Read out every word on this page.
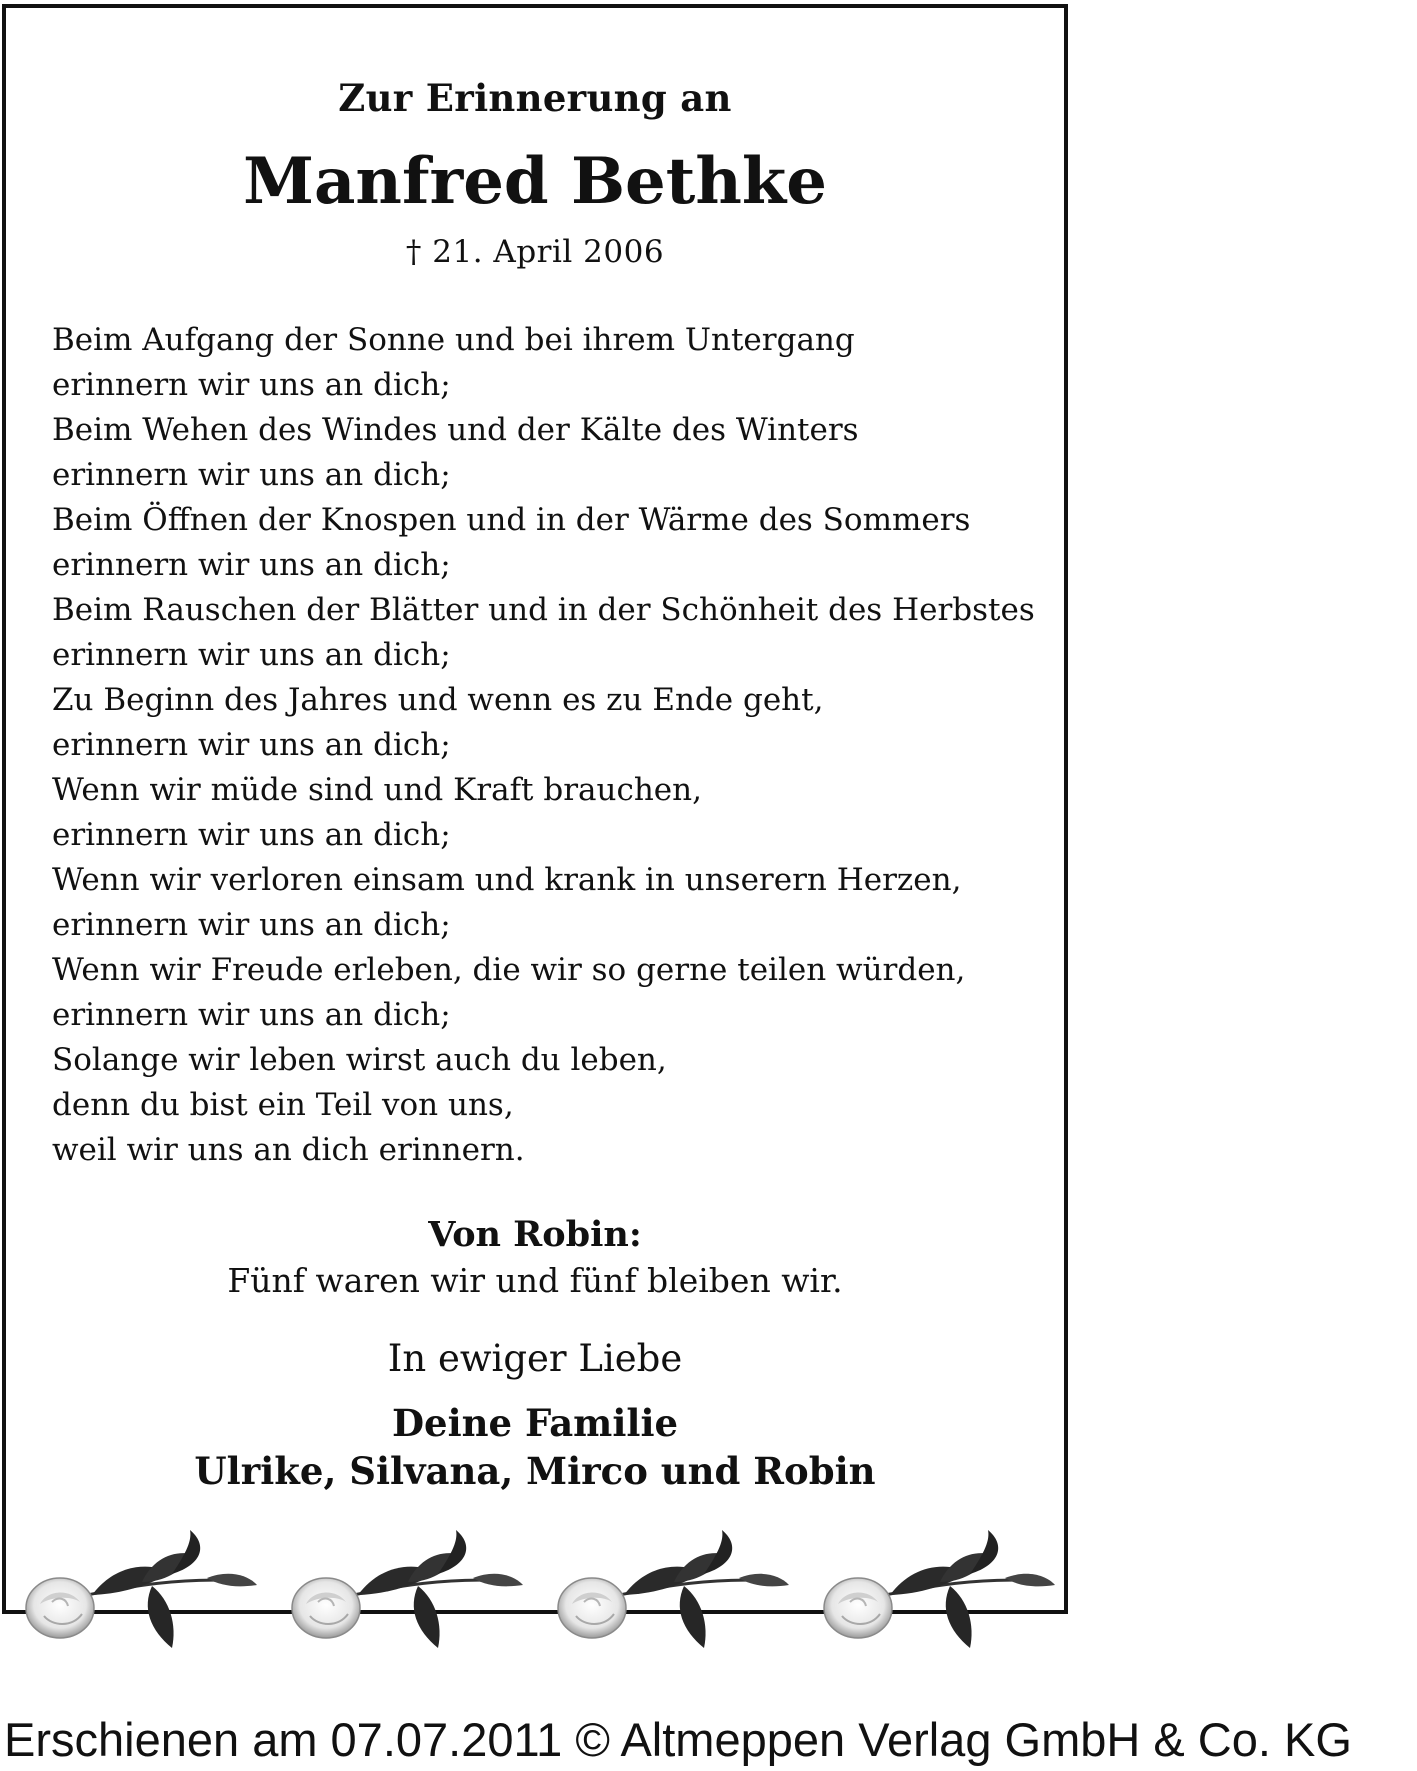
Zur Erinnerung an
Manfred Bethke
† 21. April 2006
Beim Aufgang der Sonne und bei ihrem Untergang
erinnern wir uns an dich;
Beim Wehen des Windes und der Kälte des Winters
erinnern wir uns an dich;
Beim Öffnen der Knospen und in der Wärme des Sommers
erinnern wir uns an dich;
Beim Rauschen der Blätter und in der Schönheit des Herbstes
erinnern wir uns an dich;
Zu Beginn des Jahres und wenn es zu Ende geht,
erinnern wir uns an dich;
Wenn wir müde sind und Kraft brauchen,
erinnern wir uns an dich;
Wenn wir verloren einsam und krank in unserern Herzen,
erinnern wir uns an dich;
Wenn wir Freude erleben, die wir so gerne teilen würden,
erinnern wir uns an dich;
Solange wir leben wirst auch du leben,
denn du bist ein Teil von uns,
weil wir uns an dich erinnern.
Von Robin:
Fünf waren wir und fünf bleiben wir.
In ewiger Liebe
Deine Familie
Ulrike, Silvana, Mirco und Robin
Erschienen am 07.07.2011 © Altmeppen Verlag GmbH & Co. KG
